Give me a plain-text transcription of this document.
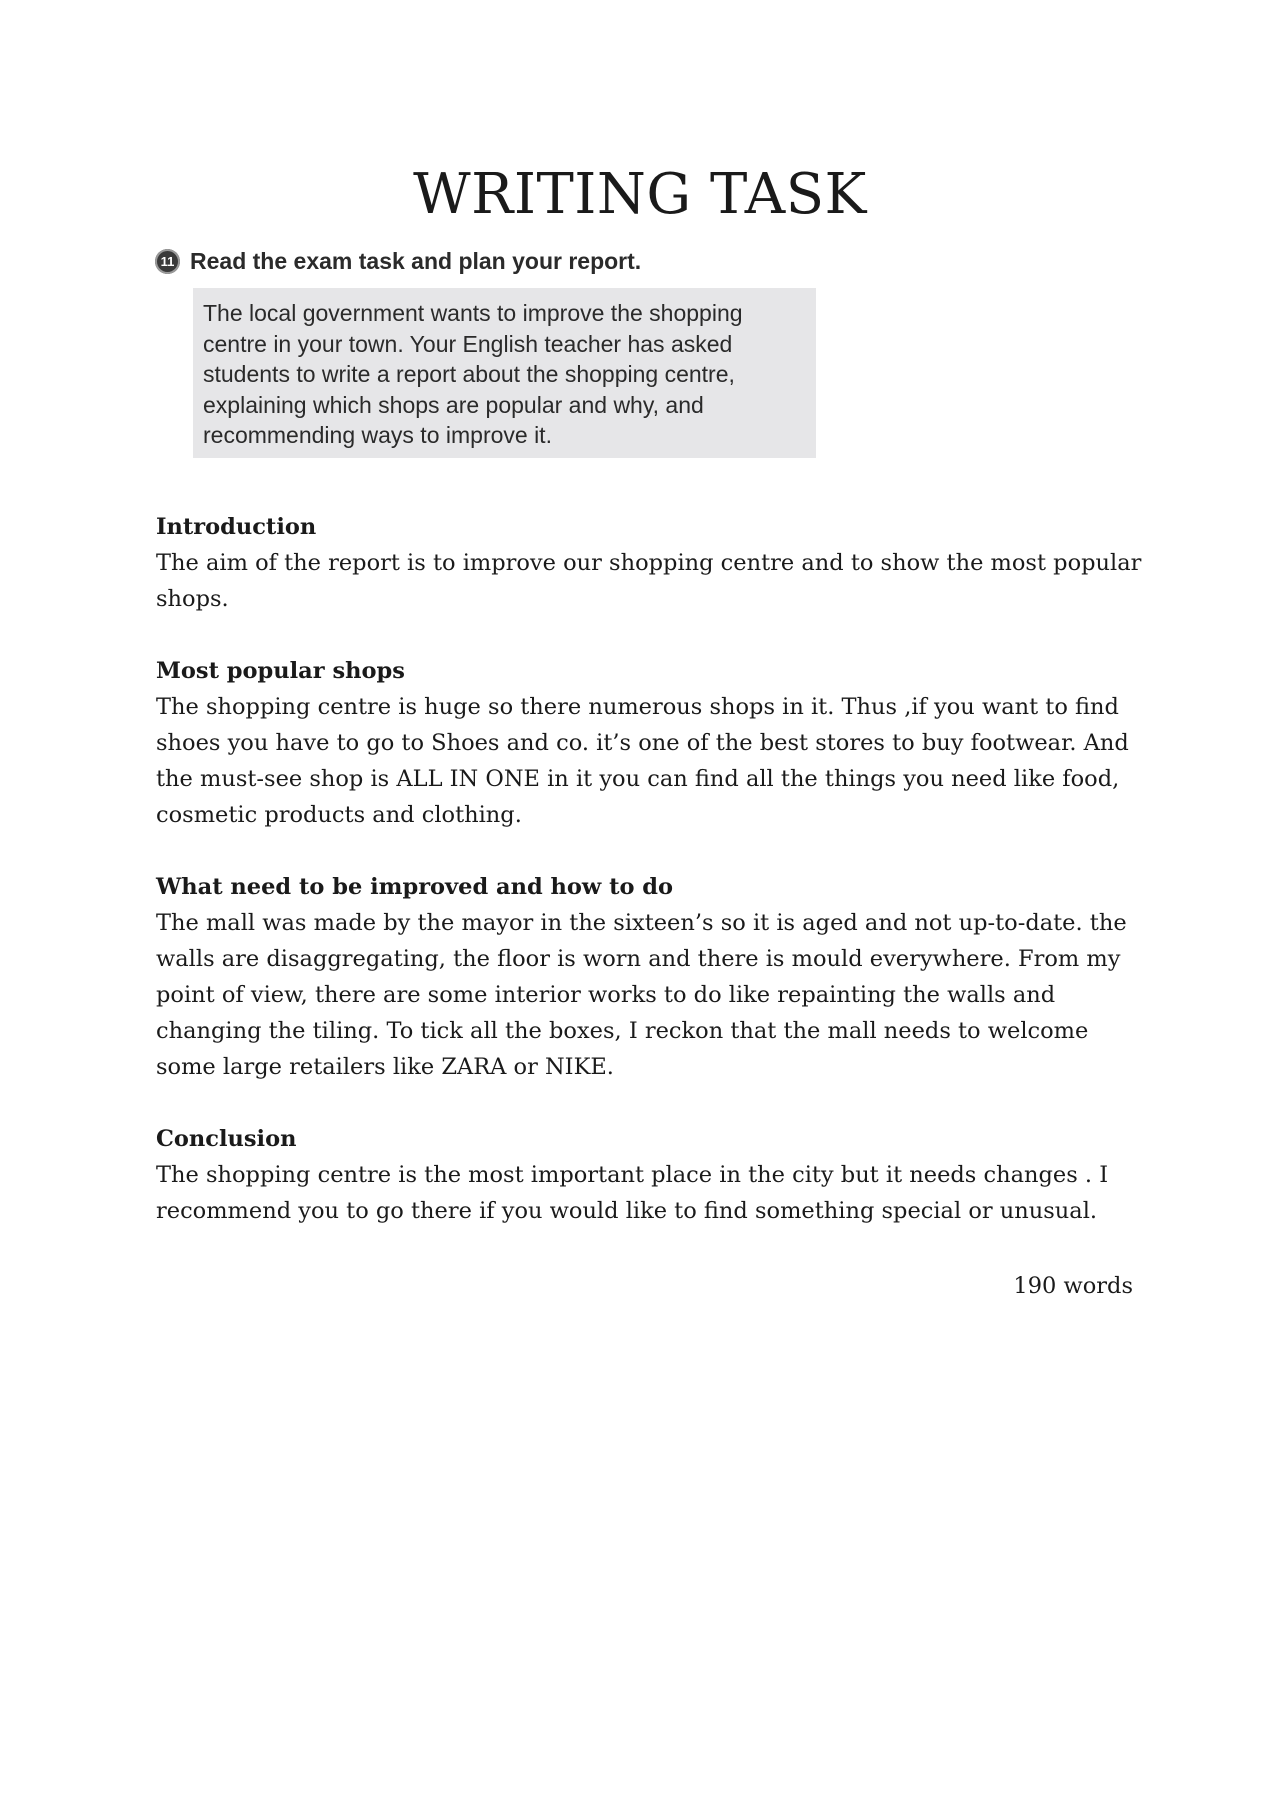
WRITING TASK
11 Read the exam task and plan your report.
The local government wants to improve the shopping
centre in your town. Your English teacher has asked
students to write a report about the shopping centre,
explaining which shops are popular and why, and
recommending ways to improve it.

Introduction

The aim of the report is to improve our shopping centre and to show the most popular shops.

Most popular shops

The shopping centre is huge so there numerous shops in it. Thus ,if you want to find shoes you have to go to Shoes and co. it’s one of the best stores to buy footwear. And the must-see shop is ALL IN ONE in it you can find all the things you need like food, cosmetic products and clothing.

What need to be improved and how to do

The mall was made by the mayor in the sixteen’s so it is aged and not up-to-date. the walls are disaggregating, the floor is worn and there is mould everywhere. From my point of view, there are some interior works to do like repainting the walls and changing the tiling. To tick all the boxes, I reckon that the mall needs to welcome some large retailers like ZARA or NIKE.

Conclusion

The shopping centre is the most important place in the city but it needs changes . I recommend you to go there if you would like to find something special or unusual.

190 words
